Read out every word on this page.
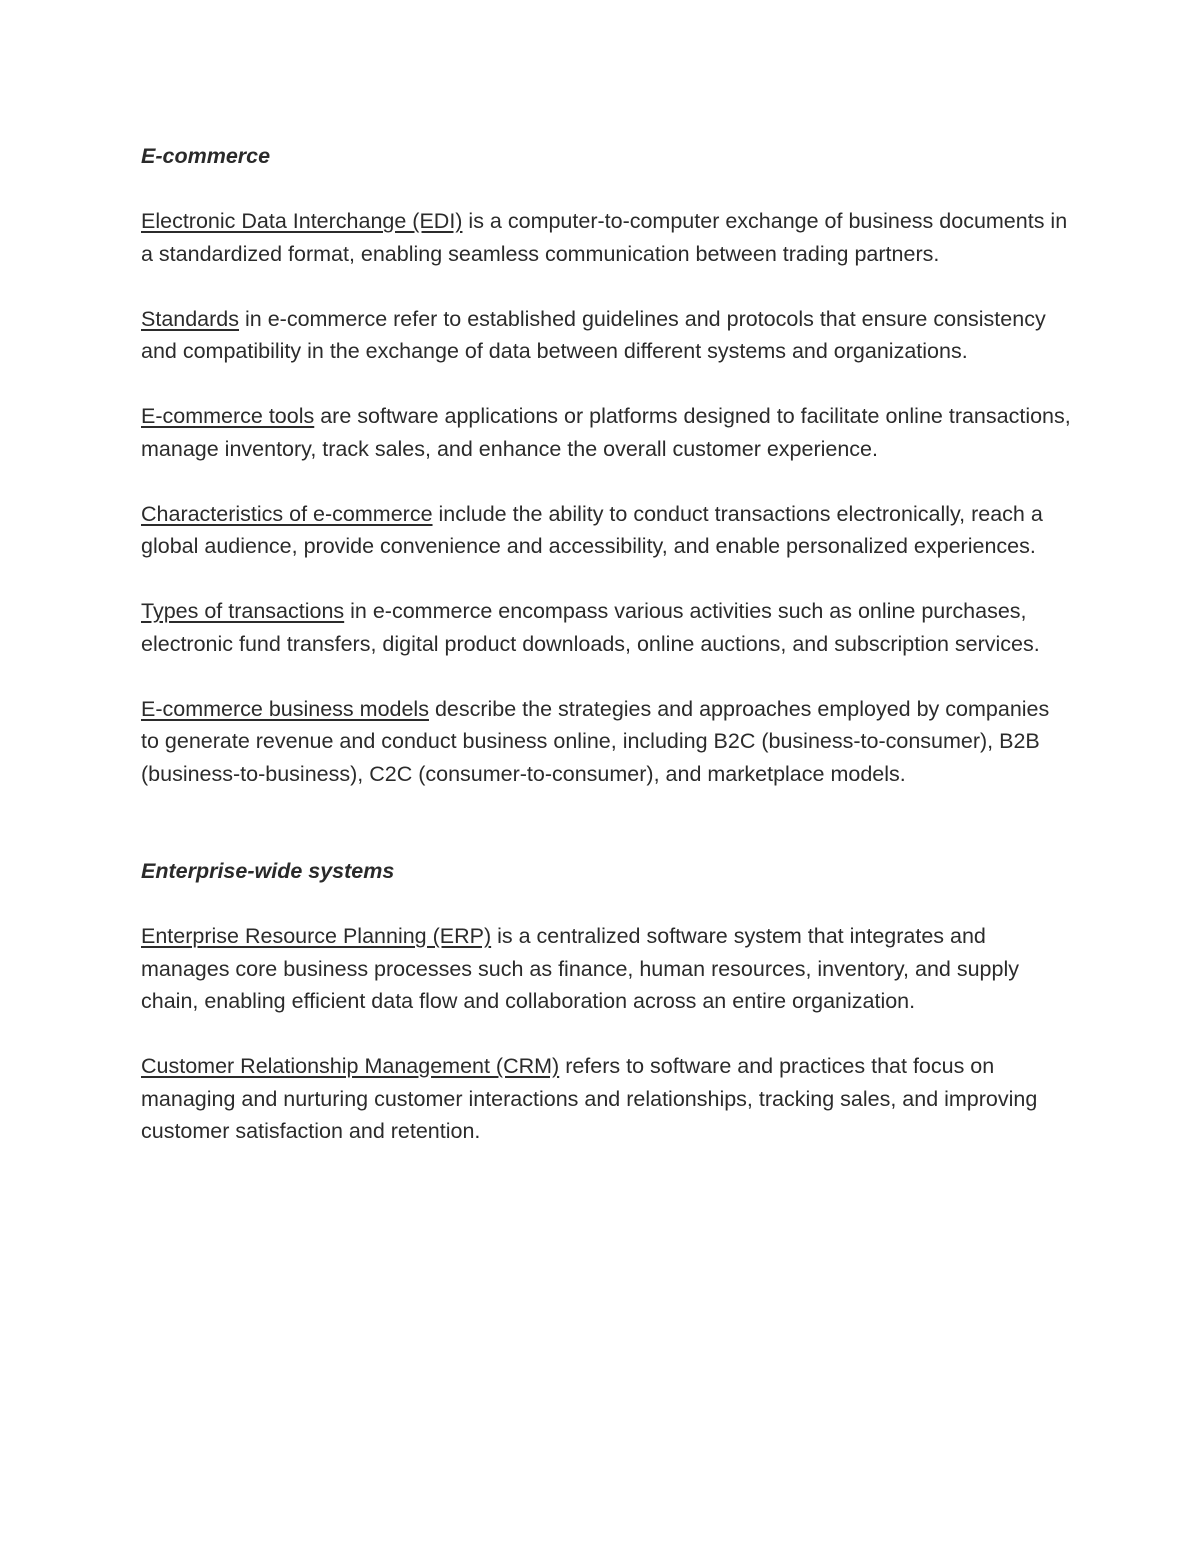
E-commerce

Electronic Data Interchange (EDI) is a computer-to-computer exchange of business documents in a standardized format, enabling seamless communication between trading partners.

Standards in e-commerce refer to established guidelines and protocols that ensure consistency and compatibility in the exchange of data between different systems and organizations.

E-commerce tools are software applications or platforms designed to facilitate online transactions, manage inventory, track sales, and enhance the overall customer experience.

Characteristics of e-commerce include the ability to conduct transactions electronically, reach a global audience, provide convenience and accessibility, and enable personalized experiences.

Types of transactions in e-commerce encompass various activities such as online purchases, electronic fund transfers, digital product downloads, online auctions, and subscription services.

E-commerce business models describe the strategies and approaches employed by companies to generate revenue and conduct business online, including B2C (business-to-consumer), B2B (business-to-business), C2C (consumer-to-consumer), and marketplace models.

Enterprise-wide systems

Enterprise Resource Planning (ERP) is a centralized software system that integrates and manages core business processes such as finance, human resources, inventory, and supply chain, enabling efficient data flow and collaboration across an entire organization.

Customer Relationship Management (CRM) refers to software and practices that focus on managing and nurturing customer interactions and relationships, tracking sales, and improving customer satisfaction and retention.
